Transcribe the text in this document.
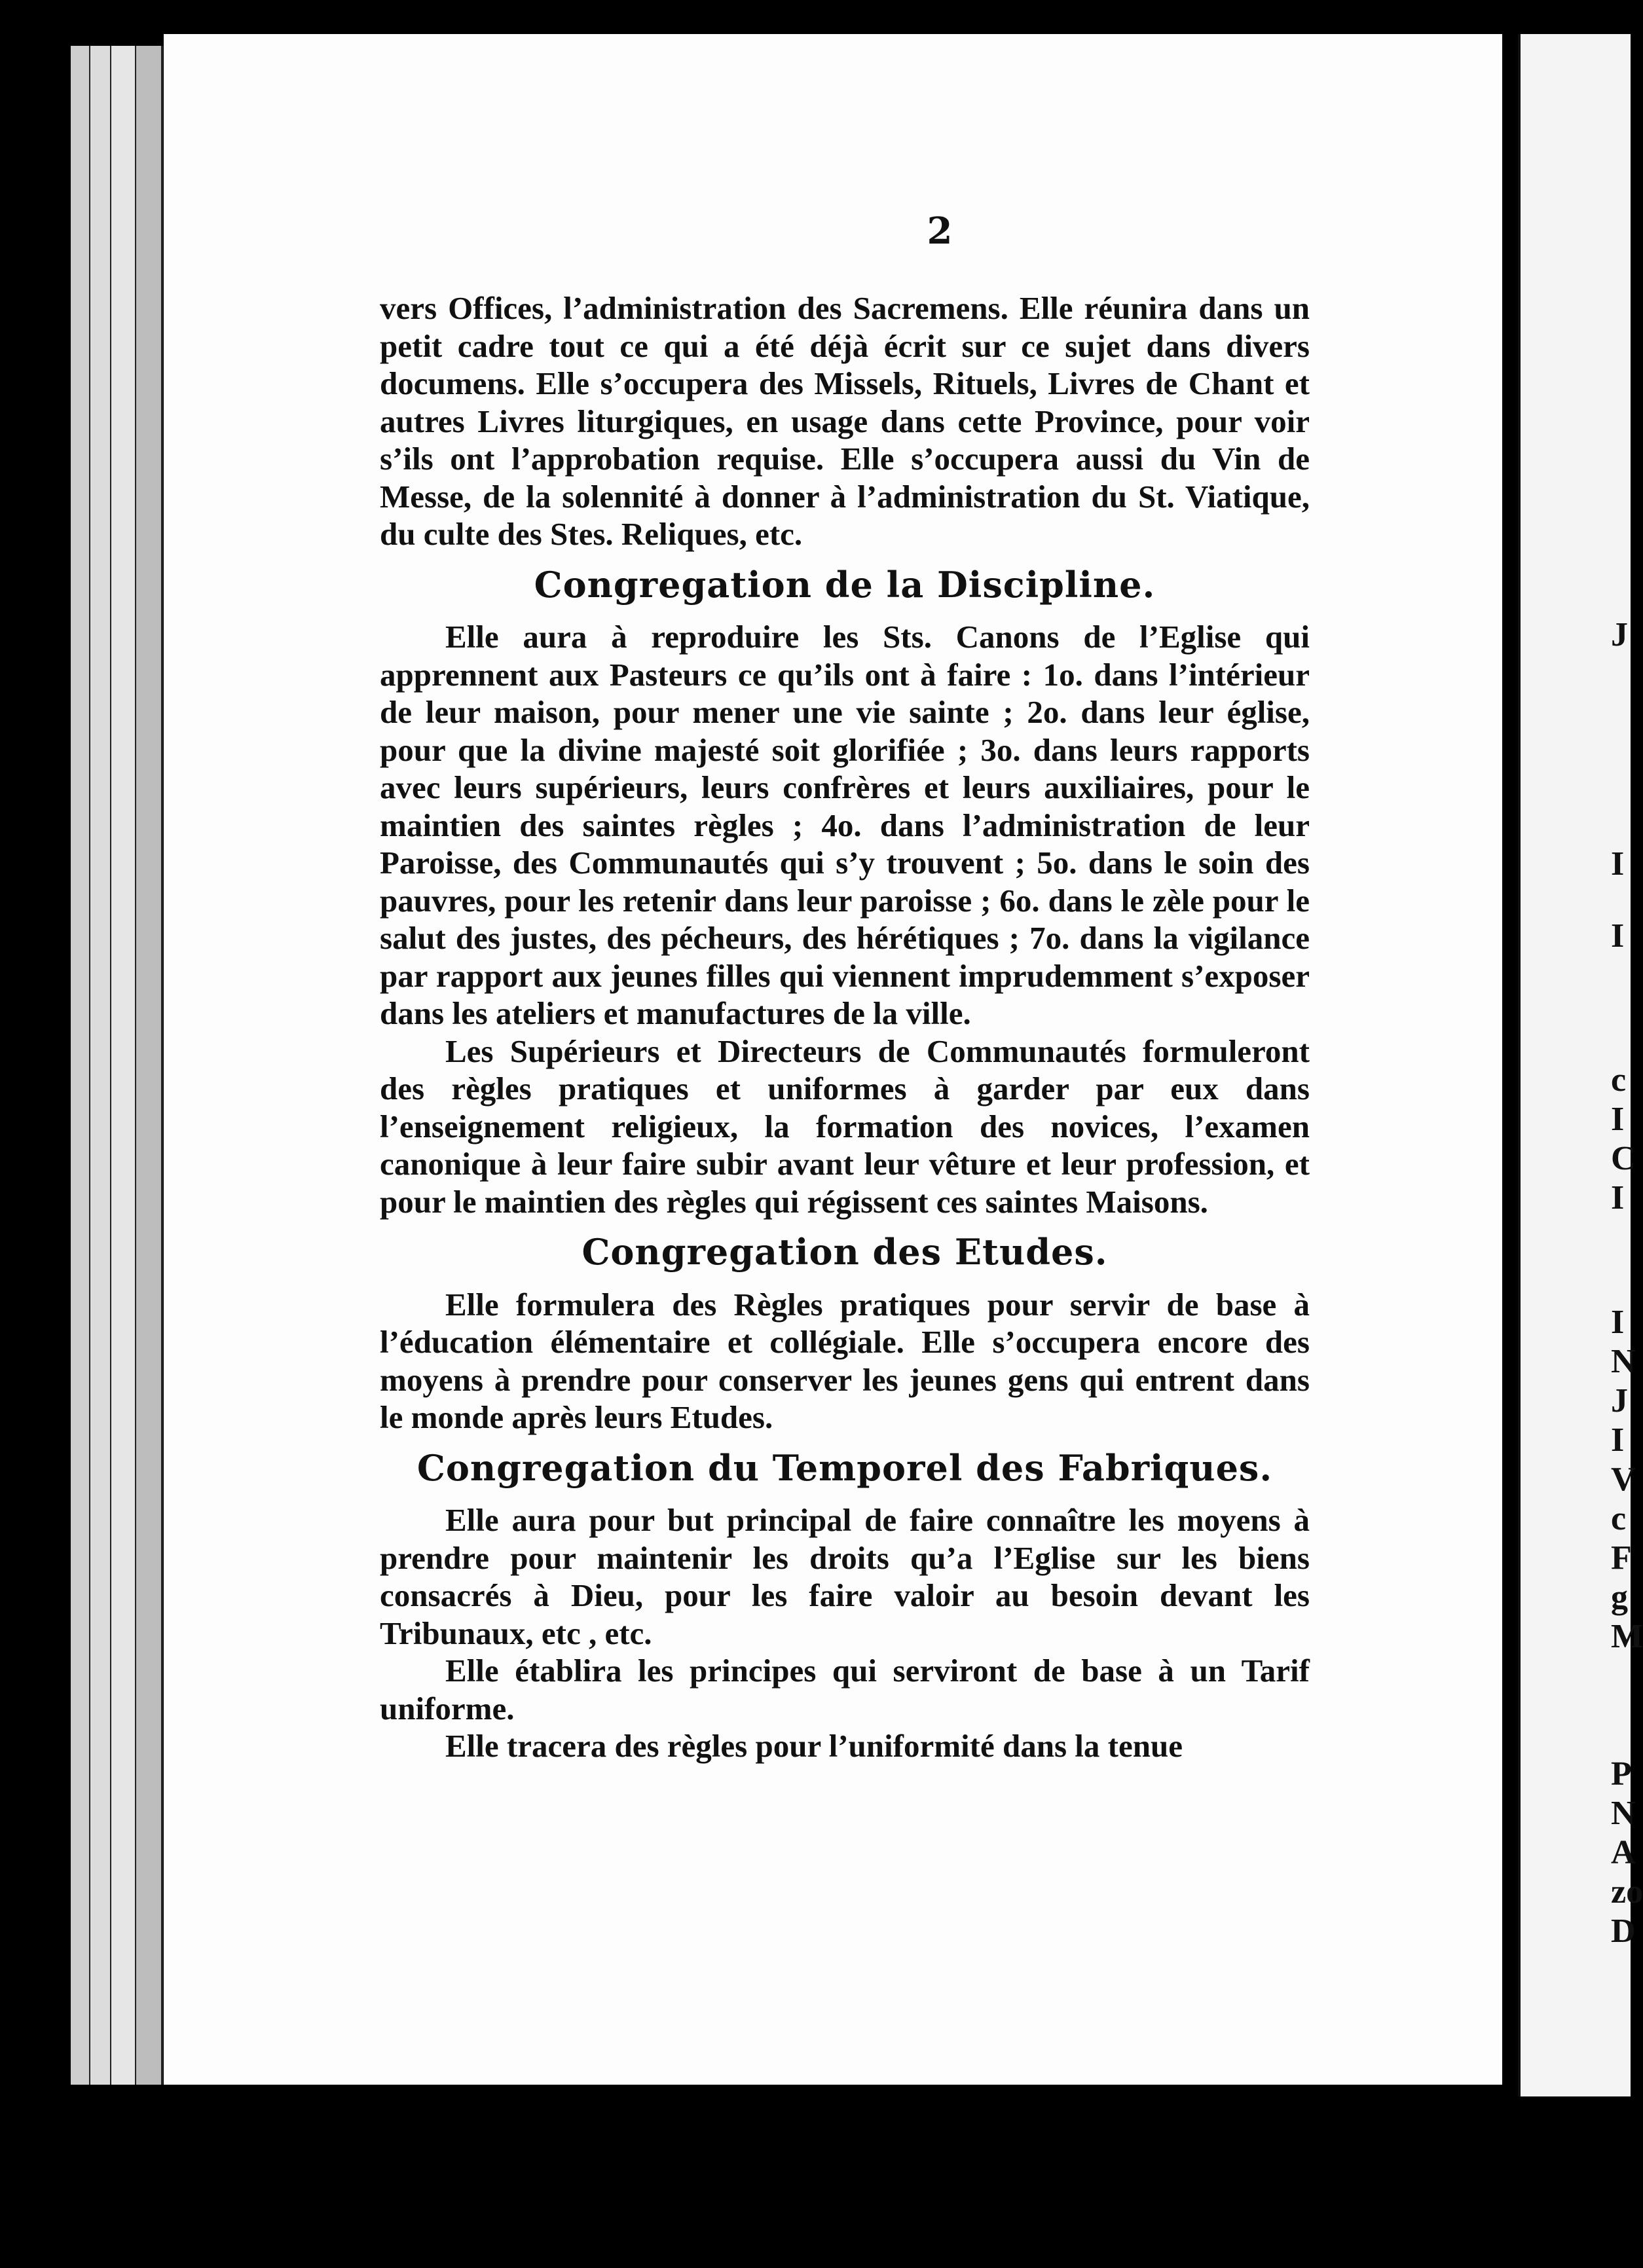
2

vers Offices, l’administration des Sacremens. Elle réunira dans un petit cadre tout ce qui a été déjà écrit sur ce sujet dans divers documens. Elle s’occupera des Missels, Rituels, Livres de Chant et autres Livres liturgiques, en usage dans cette Province, pour voir s’ils ont l’approbation requise. Elle s’occupera aussi du Vin de Messe, de la solennité à donner à l’administration du St. Viatique, du culte des Stes. Reliques, etc.

Congregation de la Discipline.

Elle aura à reproduire les Sts. Canons de l’Eglise qui apprennent aux Pasteurs ce qu’ils ont à faire : 1o. dans l’intérieur de leur maison, pour mener une vie sainte ; 2o. dans leur église, pour que la divine majesté soit glorifiée ; 3o. dans leurs rapports avec leurs supérieurs, leurs confrères et leurs auxiliaires, pour le maintien des saintes règles ; 4o. dans l’administration de leur Paroisse, des Communautés qui s’y trouvent ; 5o. dans le soin des pauvres, pour les retenir dans leur paroisse ; 6o. dans le zèle pour le salut des justes, des pécheurs, des hérétiques ; 7o. dans la vigilance par rapport aux jeunes filles qui viennent imprudemment s’exposer dans les ateliers et manufactures de la ville.

Les Supérieurs et Directeurs de Communautés formuleront des règles pratiques et uniformes à garder par eux dans l’enseignement religieux, la formation des novices, l’examen canonique à leur faire subir avant leur vêture et leur profession, et pour le maintien des règles qui régissent ces saintes Maisons.

Congregation des Etudes.

Elle formulera des Règles pratiques pour servir de base à l’éducation élémentaire et collégiale. Elle s’occupera encore des moyens à prendre pour conserver les jeunes gens qui entrent dans le monde après leurs Etudes.

Congregation du Temporel des Fabriques.

Elle aura pour but principal de faire connaître les moyens à prendre pour maintenir les droits qu’a l’Eglise sur les biens consacrés à Dieu, pour les faire valoir au besoin devant les Tribunaux, etc , etc.

Elle établira les principes qui serviront de base à un Tarif uniforme.

Elle tracera des règles pour l’uniformité dans la tenue

J
I
I
c
I
C
I
I
N
J
I
V
c
F
g
M
P
N
A
zo
D
